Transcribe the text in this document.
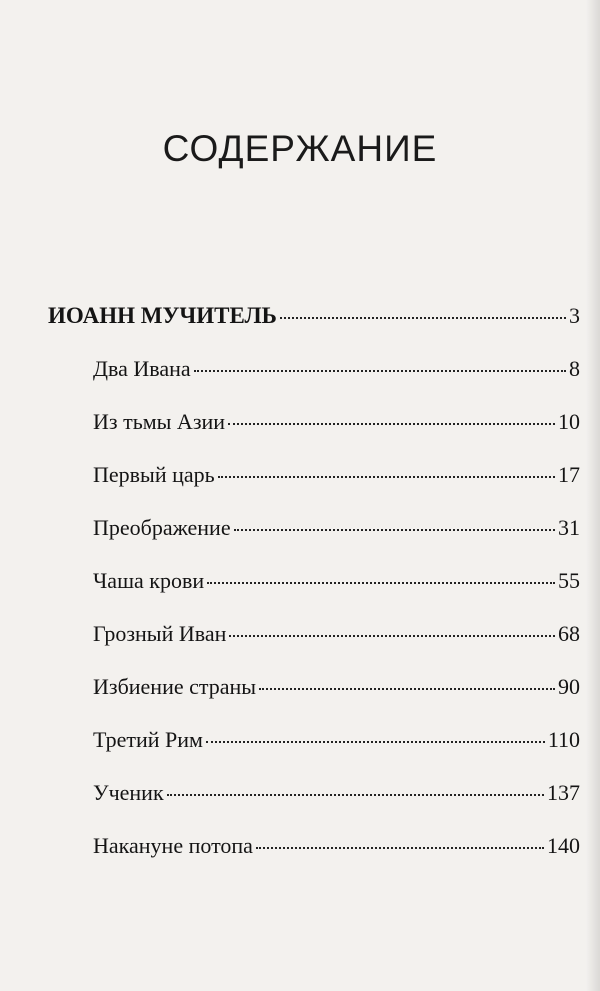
СОДЕРЖАНИЕ
ИОАНН МУЧИТЕЛЬ	3
Два Ивана	8
Из тьмы Азии	10
Первый царь	17
Преображение	31
Чаша крови	55
Грозный Иван	68
Избиение страны	90
Третий Рим	110
Ученик	137
Накануне потопа	140
